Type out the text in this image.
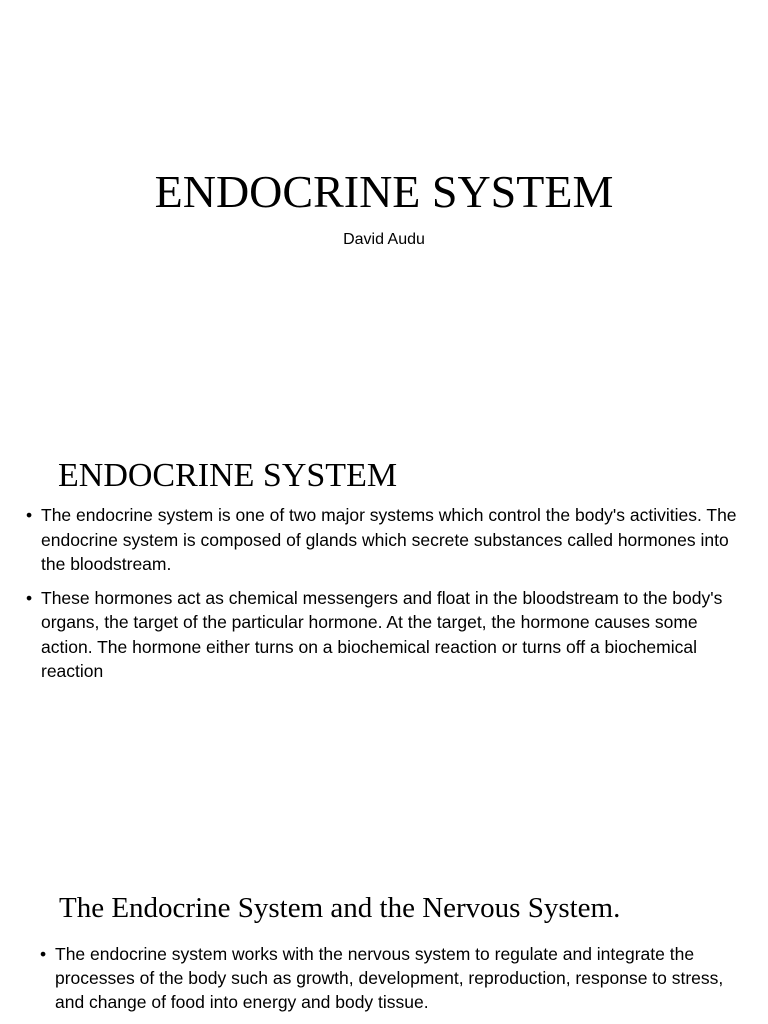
ENDOCRINE SYSTEM

David Audu

ENDOCRINE SYSTEM
• The endocrine system is one of two major systems which control the body's activities. The endocrine system is composed of glands which secrete substances called hormones into the bloodstream.
• These hormones act as chemical messengers and float in the bloodstream to the body's organs, the target of the particular hormone. At the target, the hormone causes some action. The hormone either turns on a biochemical reaction or turns off a biochemical reaction
The Endocrine System and the Nervous System.
• The endocrine system works with the nervous system to regulate and integrate the processes of the body such as growth, development, reproduction, response to stress, and change of food into energy and body tissue.
